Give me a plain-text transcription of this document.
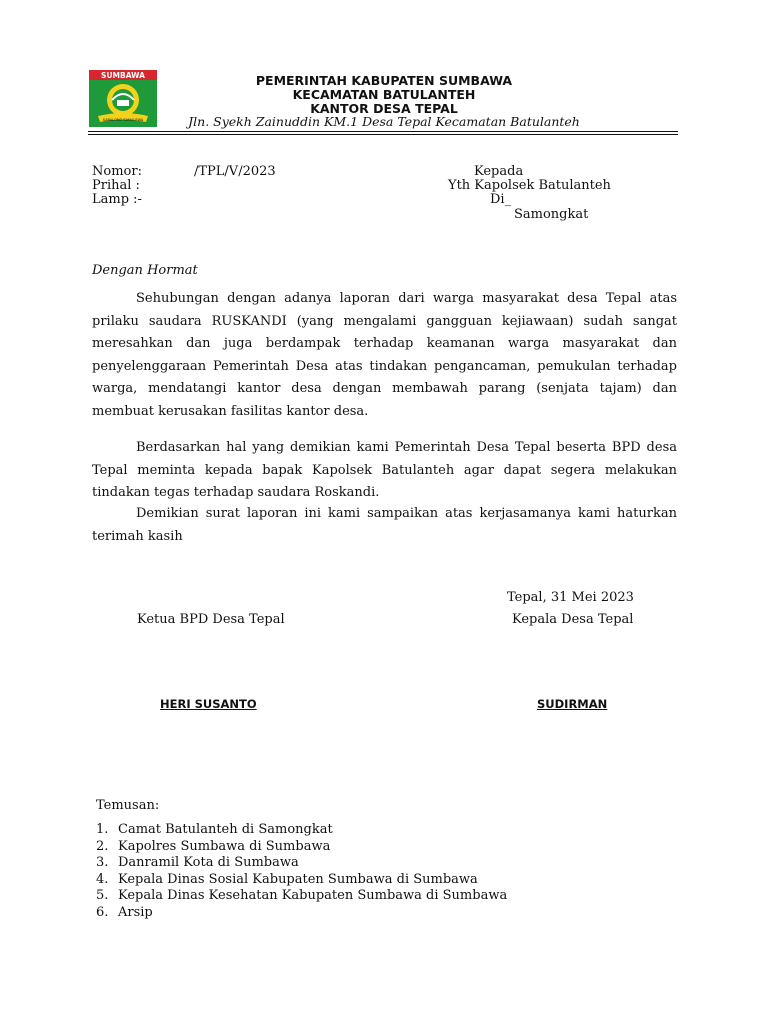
SUMBAWA
SABALONG SAMALEWA
PEMERINTAH KABUPATEN SUMBAWA
KECAMATAN BATULANTEH
KANTOR DESA TEPAL
Jln. Syekh Zainuddin KM.1 Desa Tepal Kecamatan Batulanteh
Nomor:	/TPL/V/2023
Prihal :
Lamp :-
Kepada
Yth Kapolsek Batulanteh
Di_
Samongkat
Dengan Hormat
Sehubungan dengan adanya laporan dari warga masyarakat desa Tepal atas prilaku saudara RUSKANDI (yang mengalami gangguan kejiawaan) sudah sangat meresahkan dan juga berdampak terhadap keamanan warga masyarakat dan penyelenggaraan Pemerintah Desa atas tindakan pengancaman, pemukulan terhadap warga, mendatangi kantor desa dengan membawah parang (senjata tajam) dan membuat kerusakan fasilitas kantor desa.
Berdasarkan hal yang demikian kami Pemerintah Desa Tepal beserta BPD desa Tepal meminta kepada bapak Kapolsek Batulanteh agar dapat segera melakukan tindakan tegas terhadap saudara Roskandi.
Demikian surat laporan ini kami sampaikan atas kerjasamanya kami haturkan terimah kasih
Tepal, 31 Mei 2023
Ketua BPD Desa Tepal	Kepala Desa Tepal
HERI SUSANTO	SUDIRMAN
Temusan:
1. Camat Batulanteh di Samongkat
2. Kapolres Sumbawa di Sumbawa
3. Danramil Kota di Sumbawa
4. Kepala Dinas Sosial Kabupaten Sumbawa di Sumbawa
5. Kepala Dinas Kesehatan Kabupaten Sumbawa di Sumbawa
6. Arsip
